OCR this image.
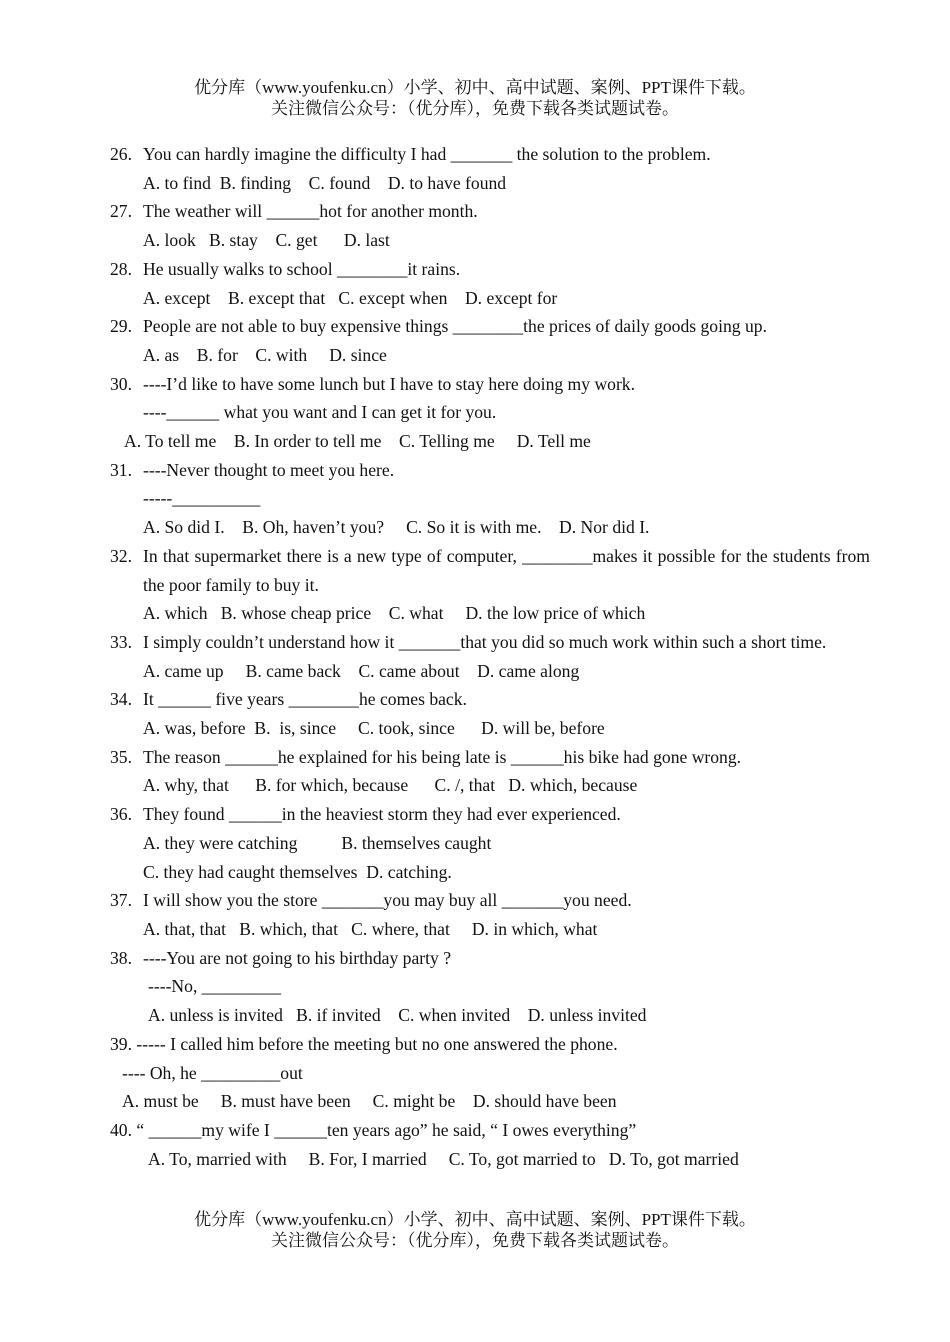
优分库（www.youfenku.cn）小学、初中、高中试题、案例、PPT课件下载。
关注微信公众号：（优分库），免费下载各类试题试卷。
26. You can hardly imagine the difficulty I had _______ the solution to the problem.
A. to find  B. finding    C. found    D. to have found
27. The weather will ______hot for another month.
A. look   B. stay    C. get      D. last
28. He usually walks to school ________it rains.
A. except    B. except that   C. except when    D. except for
29. People are not able to buy expensive things ________the prices of daily goods going up.
A. as    B. for    C. with     D. since
30. ----I’d like to have some lunch but I have to stay here doing my work.
----______ what you want and I can get it for you.
A. To tell me    B. In order to tell me    C. Telling me     D. Tell me
31. ----Never thought to meet you here.
-----__________
A. So did I.    B. Oh, haven’t you?     C. So it is with me.    D. Nor did I.
32. In that supermarket there is a new type of computer, ________makes it possible for the students from the poor family to buy it.
A. which   B. whose cheap price    C. what     D. the low price of which
33. I simply couldn’t understand how it _______that you did so much work within such a short time.
A. came up     B. came back    C. came about    D. came along
34. It ______ five years ________he comes back.
A. was, before  B.  is, since     C. took, since      D. will be, before
35. The reason ______he explained for his being late is ______his bike had gone wrong.
A. why, that      B. for which, because      C. /, that   D. which, because
36. They found ______in the heaviest storm they had ever experienced.
A. they were catching          B. themselves caught
C. they had caught themselves  D. catching.
37. I will show you the store _______you may buy all _______you need.
A. that, that   B. which, that   C. where, that     D. in which, what
38. ----You are not going to his birthday party ?
----No, _________
A. unless is invited   B. if invited    C. when invited    D. unless invited
39. ----- I called him before the meeting but no one answered the phone.
---- Oh, he _________out
A. must be     B. must have been     C. might be    D. should have been
40. “ ______my wife I ______ten years ago” he said, “ I owes everything”
A. To, married with     B. For, I married     C. To, got married to   D. To, got married
优分库（www.youfenku.cn）小学、初中、高中试题、案例、PPT课件下载。
关注微信公众号：（优分库），免费下载各类试题试卷。
